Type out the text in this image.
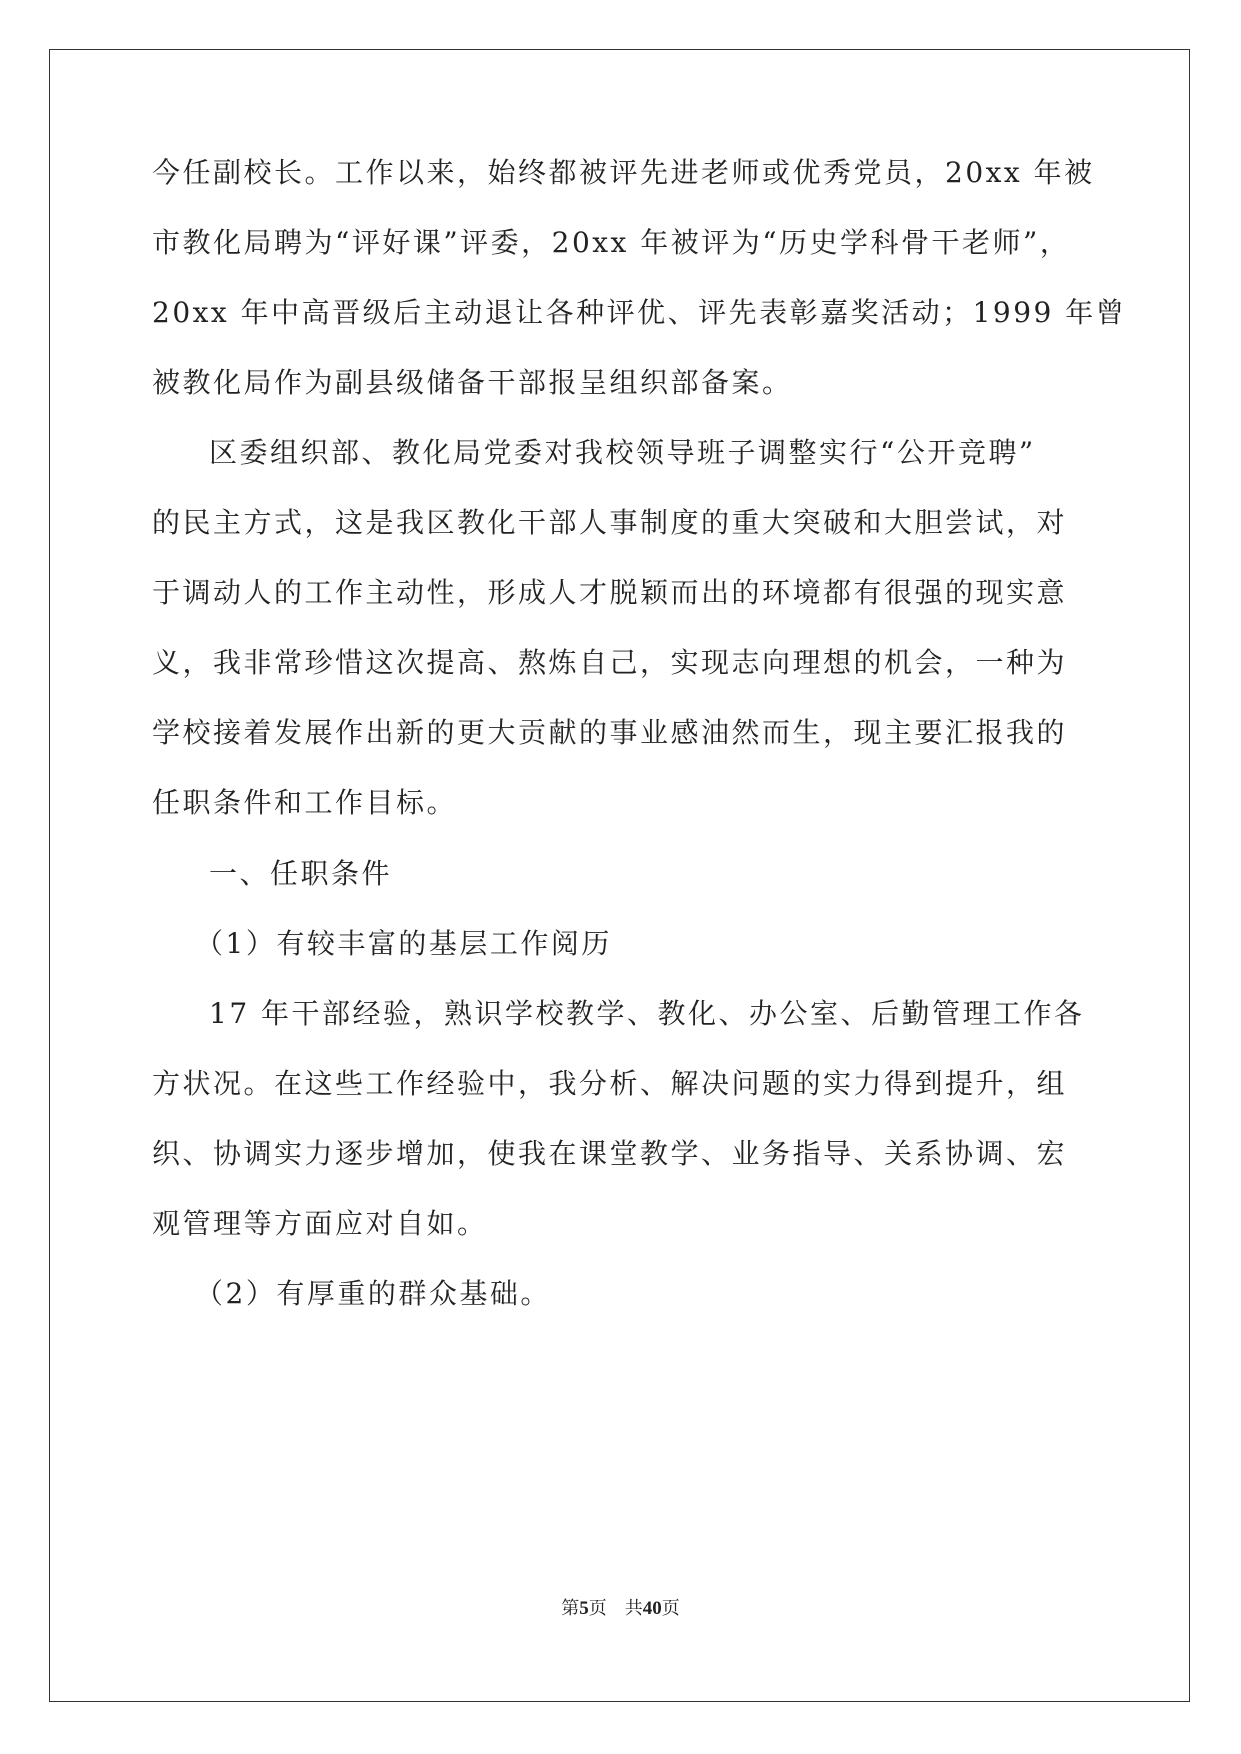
今任副校长。工作以来，始终都被评先进老师或优秀党员，20xx 年被
市教化局聘为“评好课”评委，20xx 年被评为“历史学科骨干老师”，
20xx 年中高晋级后主动退让各种评优、评先表彰嘉奖活动；1999 年曾
被教化局作为副县级储备干部报呈组织部备案。
区委组织部、教化局党委对我校领导班子调整实行“公开竞聘”
的民主方式，这是我区教化干部人事制度的重大突破和大胆尝试，对
于调动人的工作主动性，形成人才脱颖而出的环境都有很强的现实意
义，我非常珍惜这次提高、熬炼自己，实现志向理想的机会，一种为
学校接着发展作出新的更大贡献的事业感油然而生，现主要汇报我的
任职条件和工作目标。
一、任职条件
（1）有较丰富的基层工作阅历
17 年干部经验，熟识学校教学、教化、办公室、后勤管理工作各
方状况。在这些工作经验中，我分析、解决问题的实力得到提升，组
织、协调实力逐步增加，使我在课堂教学、业务指导、关系协调、宏
观管理等方面应对自如。
（2）有厚重的群众基础。
第5页 共40页
